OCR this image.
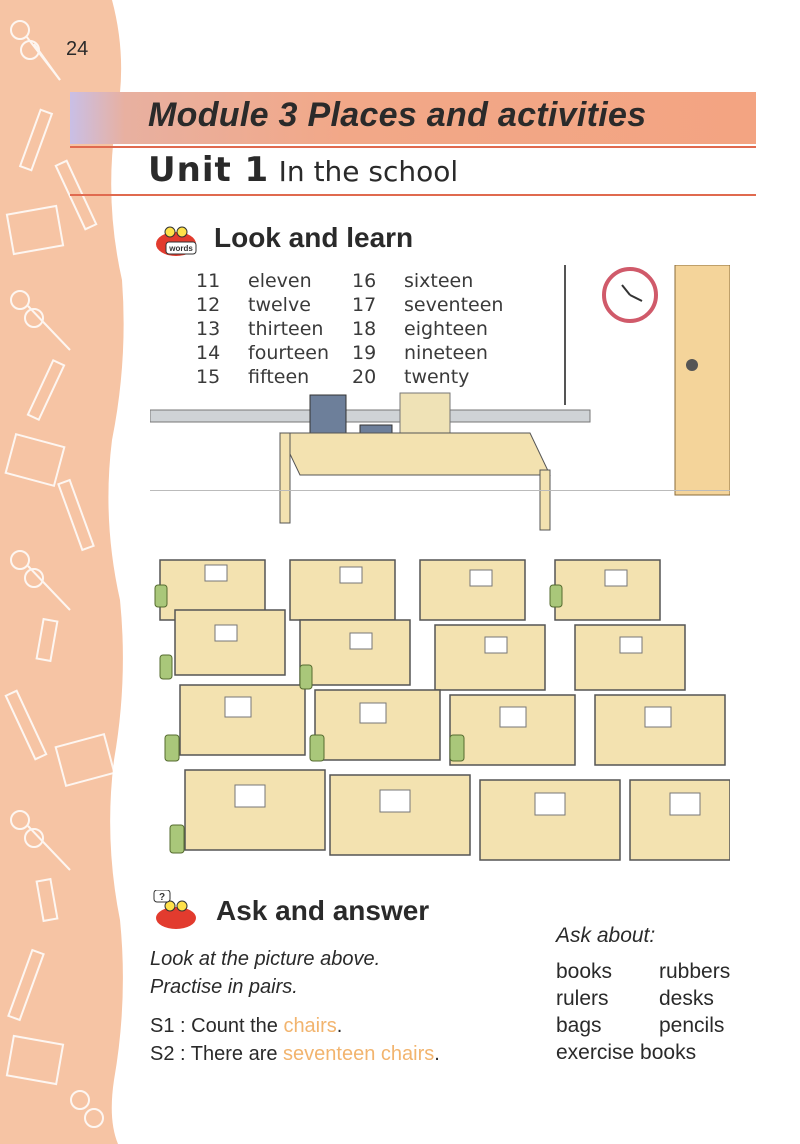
24
Module 3 Places and activities
Unit 1 In the school
words Look and learn
11 eleven 16 sixteen
12 twelve 17 seventeen
13 thirteen 18 eighteen
14 fourteen 19 nineteen
15 fifteen 20 twenty
? Ask and answer
Look at the picture above.
Practise in pairs.
S1 : Count the chairs.
S2 : There are seventeen chairs.
Ask about:
books rubbers
rulers desks
bags	pencils
exercise books
